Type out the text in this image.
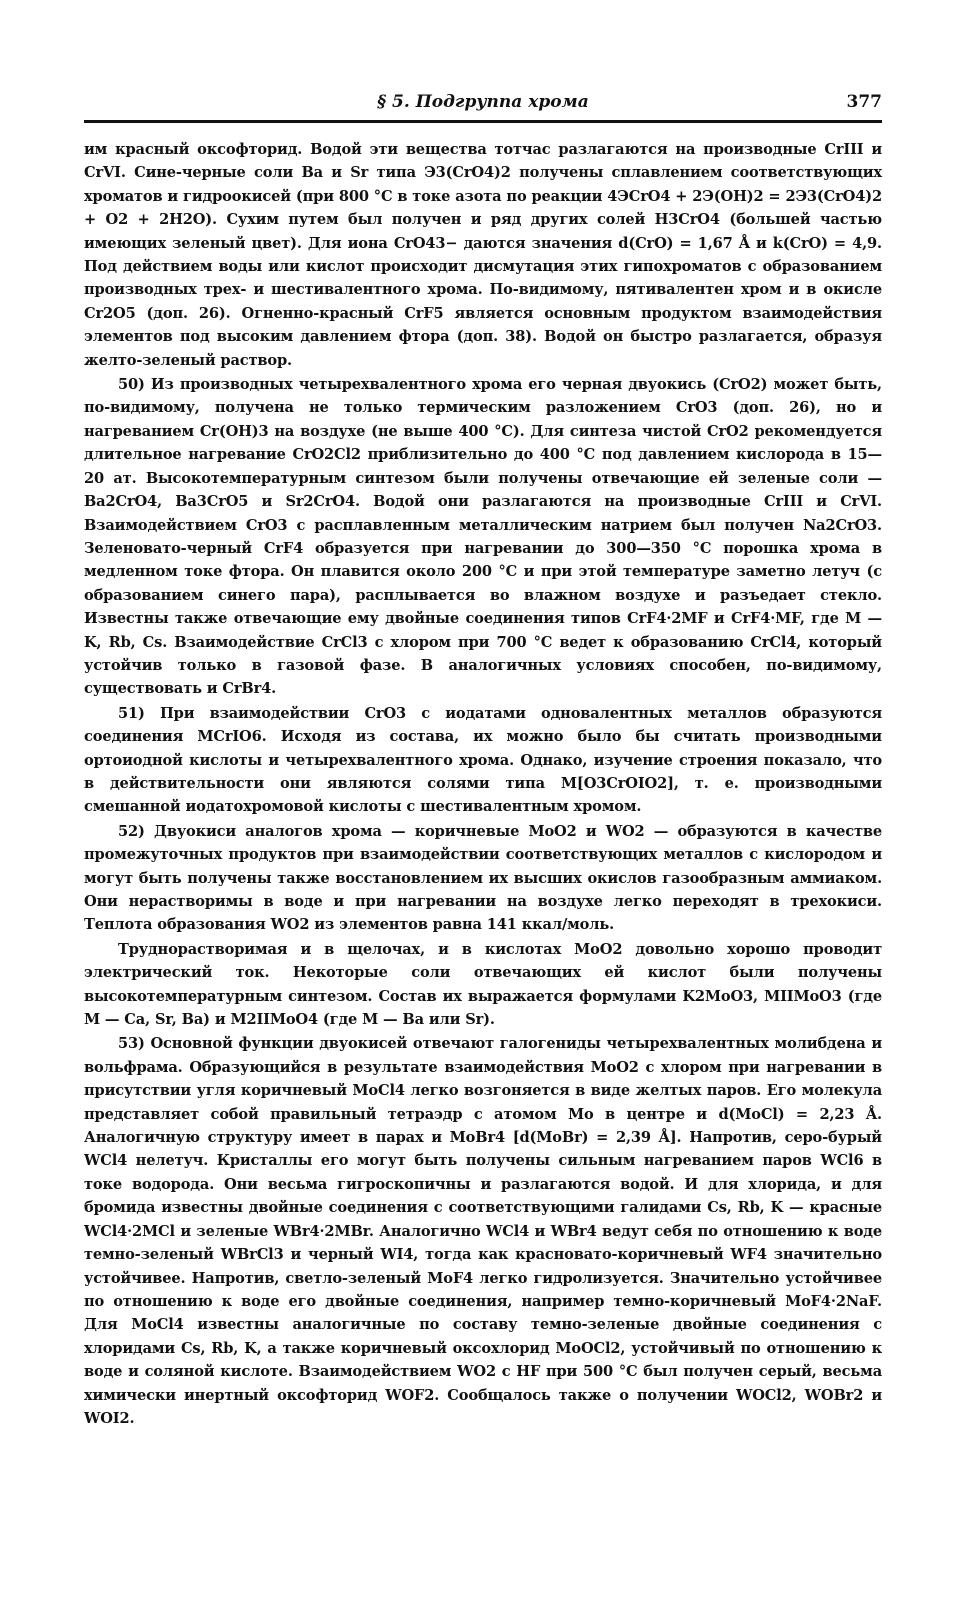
§ 5. Подгруппа хрома	377

им красный оксофторид. Водой эти вещества тотчас разлагаются на производные CrIII и CrVI. Сине-черные соли Ba и Sr типа Э3(CrO4)2 получены сплавлением соответствующих хроматов и гидроокисей (при 800 °С в токе азота по реакции 4ЭCrO4 + 2Э(OH)2 = 2Э3(CrO4)2 + O2 + 2H2O). Сухим путем был получен и ряд других солей H3CrO4 (большей частью имеющих зеленый цвет). Для иона CrO43− даются значения d(CrO) = 1,67 Å и k(CrO) = 4,9. Под действием воды или кислот происходит дисмутация этих гипохроматов с образованием производных трех- и шестивалентного хрома. По-видимому, пятивалентен хром и в окисле Cr2O5 (доп. 26). Огненно-красный CrF5 является основным продуктом взаимодействия элементов под высоким давлением фтора (доп. 38). Водой он быстро разлагается, образуя желто-зеленый раствор.

50) Из производных четырехвалентного хрома его черная двуокись (CrO2) может быть, по-видимому, получена не только термическим разложением CrO3 (доп. 26), но и нагреванием Cr(OH)3 на воздухе (не выше 400 °С). Для синтеза чистой CrO2 рекомендуется длительное нагревание CrO2Cl2 приблизительно до 400 °С под давлением кислорода в 15—20 ат. Высокотемпературным синтезом были получены отвечающие ей зеленые соли — Ba2CrO4, Ba3CrO5 и Sr2CrO4. Водой они разлагаются на производные CrIII и CrVI. Взаимодействием CrO3 с расплавленным металлическим натрием был получен Na2CrO3. Зеленовато-черный CrF4 образуется при нагревании до 300—350 °С порошка хрома в медленном токе фтора. Он плавится около 200 °С и при этой температуре заметно летуч (с образованием синего пара), расплывается во влажном воздухе и разъедает стекло. Известны также отвечающие ему двойные соединения типов CrF4·2MF и CrF4·MF, где М — K, Rb, Cs. Взаимодействие CrCl3 с хлором при 700 °С ведет к образованию CrCl4, который устойчив только в газовой фазе. В аналогичных условиях способен, по-видимому, существовать и CrBr4.

51) При взаимодействии CrO3 с иодатами одновалентных металлов образуются соединения MCrIO6. Исходя из состава, их можно было бы считать производными ортоиодной кислоты и четырехвалентного хрома. Однако, изучение строения показало, что в действительности они являются солями типа M[O3CrOIO2], т. е. производными смешанной иодатохромовой кислоты с шестивалентным хромом.

52) Двуокиси аналогов хрома — коричневые MoO2 и WO2 — образуются в качестве промежуточных продуктов при взаимодействии соответствующих металлов с кислородом и могут быть получены также восстановлением их высших окислов газообразным аммиаком. Они нерастворимы в воде и при нагревании на воздухе легко переходят в трехокиси. Теплота образования WO2 из элементов равна 141 ккал/моль.

Труднорастворимая и в щелочах, и в кислотах MoO2 довольно хорошо проводит электрический ток. Некоторые соли отвечающих ей кислот были получены высокотемпературным синтезом. Состав их выражается формулами K2MoO3, MIIMoO3 (где М — Ca, Sr, Ba) и M2IIMoO4 (где М — Ba или Sr).

53) Основной функции двуокисей отвечают галогениды четырехвалентных молибдена и вольфрама. Образующийся в результате взаимодействия MoO2 с хлором при нагревании в присутствии угля коричневый MoCl4 легко возгоняется в виде желтых паров. Его молекула представляет собой правильный тетраэдр с атомом Mo в центре и d(MoCl) = 2,23 Å. Аналогичную структуру имеет в парах и MoBr4 [d(MoBr) = 2,39 Å]. Напротив, серо-бурый WCl4 нелетуч. Кристаллы его могут быть получены сильным нагреванием паров WCl6 в токе водорода. Они весьма гигроскопичны и разлагаются водой. И для хлорида, и для бромида известны двойные соединения с соответствующими галидами Cs, Rb, K — красные WCl4·2MCl и зеленые WBr4·2MBr. Аналогично WCl4 и WBr4 ведут себя по отношению к воде темно-зеленый WBrCl3 и черный WI4, тогда как красновато-коричневый WF4 значительно устойчивее. Напротив, светло-зеленый MoF4 легко гидролизуется. Значительно устойчивее по отношению к воде его двойные соединения, например темно-коричневый MoF4·2NaF. Для MoCl4 известны аналогичные по составу темно-зеленые двойные соединения с хлоридами Cs, Rb, K, а также коричневый оксохлорид MoOCl2, устойчивый по отношению к воде и соляной кислоте. Взаимодействием WO2 с HF при 500 °С был получен серый, весьма химически инертный оксофторид WOF2. Сообщалось также о получении WOCl2, WOBr2 и WOI2.
